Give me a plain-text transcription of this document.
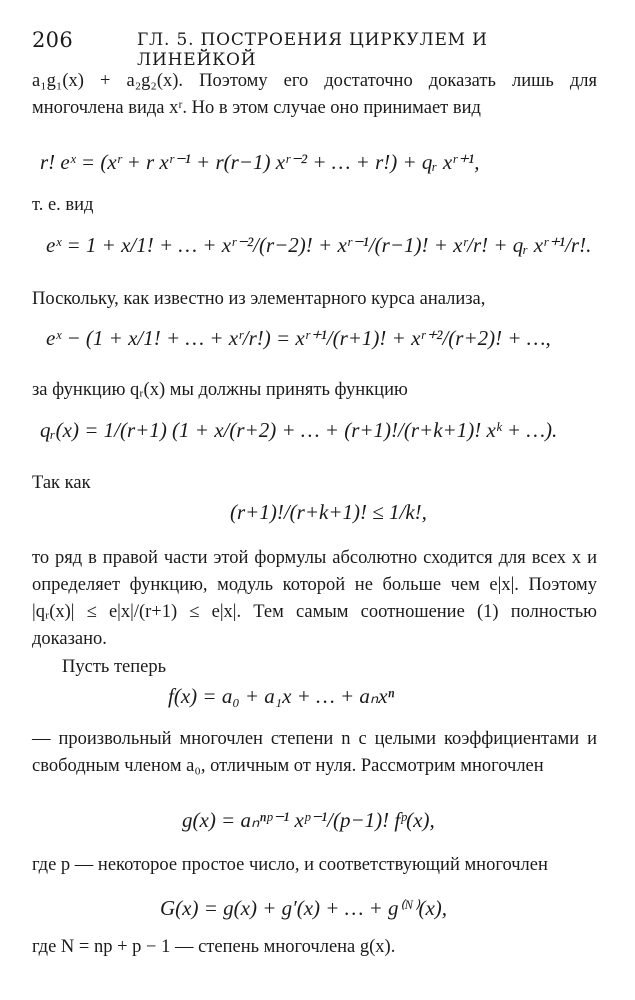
206	ГЛ. 5. ПОСТРОЕНИЯ ЦИРКУЛЕМ И ЛИНЕЙКОЙ
a₁g₁(x) + a₂g₂(x). Поэтому его достаточно доказать лишь для многочлена вида xʳ. Но в этом случае оно принимает вид
r! eˣ = (xʳ + r xʳ⁻¹ + r(r−1) xʳ⁻² + … + r!) + qᵣ xʳ⁺¹,
т. е. вид
eˣ = 1 + x/1! + … + xʳ⁻²/(r−2)! + xʳ⁻¹/(r−1)! + xʳ/r! + qᵣ xʳ⁺¹/r!.
Поскольку, как известно из элементарного курса анализа,
eˣ − (1 + x/1! + … + xʳ/r!) = xʳ⁺¹/(r+1)! + xʳ⁺²/(r+2)! + …,
за функцию qᵣ(x) мы должны принять функцию
qᵣ(x) = 1/(r+1) (1 + x/(r+2) + … + (r+1)!/(r+k+1)! xᵏ + …).
Так как
(r+1)!/(r+k+1)! ≤ 1/k!,
то ряд в правой части этой формулы абсолютно сходится для всех x и определяет функцию, модуль которой не больше чем e|x|. Поэтому |qᵣ(x)| ≤ e|x|/(r+1) ≤ e|x|. Тем самым соотношение (1) полностью доказано.
Пусть теперь
f(x) = a₀ + a₁x + … + aₙxⁿ
— произвольный многочлен степени n с целыми коэффициентами и свободным членом a₀, отличным от нуля. Рассмотрим многочлен
g(x) = aₙⁿᵖ⁻¹ xᵖ⁻¹/(p−1)! fᵖ(x),
где p — некоторое простое число, и соответствующий многочлен
G(x) = g(x) + g′(x) + … + g⁽ᴺ⁾(x),
где N = np + p − 1 — степень многочлена g(x).
